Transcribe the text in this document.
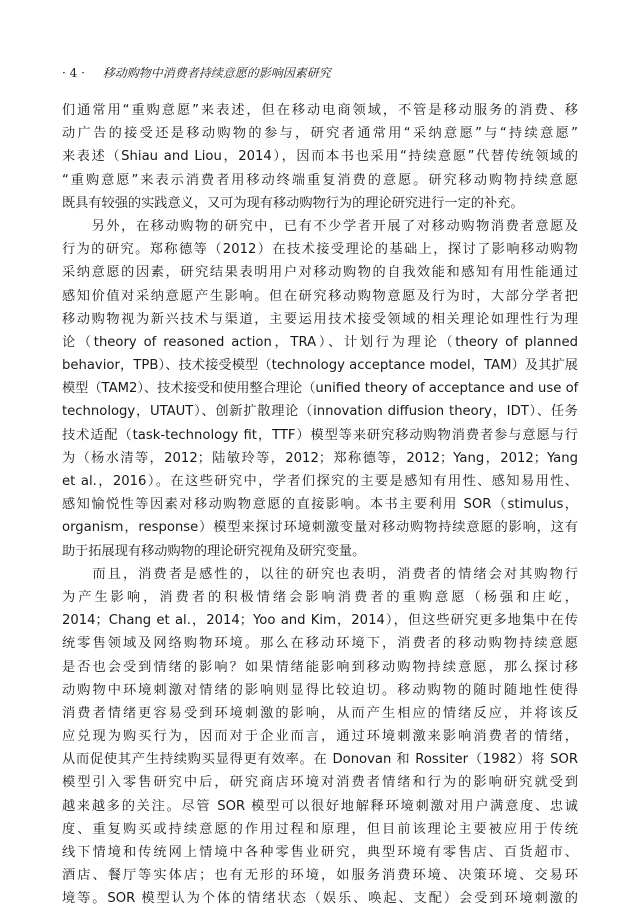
· 4 · 移动购物中消费者持续意愿的影响因素研究
们通常用“重购意愿”来表述，但在移动电商领域，不管是移动服务的消费、移
动广告的接受还是移动购物的参与，研究者通常用“采纳意愿”与“持续意愿”
来表述（Shiau and Liou，2014），因而本书也采用“持续意愿”代替传统领域的
“重购意愿”来表示消费者用移动终端重复消费的意愿。研究移动购物持续意愿
既具有较强的实践意义，又可为现有移动购物行为的理论研究进行一定的补充。
　　另外，在移动购物的研究中，已有不少学者开展了对移动购物消费者意愿及
行为的研究。郑称德等（2012）在技术接受理论的基础上，探讨了影响移动购物
采纳意愿的因素，研究结果表明用户对移动购物的自我效能和感知有用性能通过
感知价值对采纳意愿产生影响。但在研究移动购物意愿及行为时，大部分学者把
移动购物视为新兴技术与渠道，主要运用技术接受领域的相关理论如理性行为理
论（theory of reasoned action，TRA）、计划行为理论（theory of planned
behavior，TPB）、技术接受模型（technology acceptance model，TAM）及其扩展
模型（TAM2）、技术接受和使用整合理论（unified theory of acceptance and use of
technology，UTAUT）、创新扩散理论（innovation diffusion theory，IDT）、任务
技术适配（task-technology fit，TTF）模型等来研究移动购物消费者参与意愿与行
为（杨水清等，2012；陆敏玲等，2012；郑称德等，2012；Yang，2012；Yang
et al.，2016）。在这些研究中，学者们探究的主要是感知有用性、感知易用性、
感知愉悦性等因素对移动购物意愿的直接影响。本书主要利用 SOR（stimulus，
organism，response）模型来探讨环境刺激变量对移动购物持续意愿的影响，这有
助于拓展现有移动购物的理论研究视角及研究变量。
　　而且，消费者是感性的，以往的研究也表明，消费者的情绪会对其购物行
为产生影响，消费者的积极情绪会影响消费者的重购意愿（杨强和庄屹，
2014；Chang et al.，2014；Yoo and Kim，2014），但这些研究更多地集中在传
统零售领域及网络购物环境。那么在移动环境下，消费者的移动购物持续意愿
是否也会受到情绪的影响？如果情绪能影响到移动购物持续意愿，那么探讨移
动购物中环境刺激对情绪的影响则显得比较迫切。移动购物的随时随地性使得
消费者情绪更容易受到环境刺激的影响，从而产生相应的情绪反应，并将该反
应兑现为购买行为，因而对于企业而言，通过环境刺激来影响消费者的情绪，
从而促使其产生持续购买显得更有效率。在 Donovan 和 Rossiter（1982）将 SOR
模型引入零售研究中后，研究商店环境对消费者情绪和行为的影响研究就受到
越来越多的关注。尽管 SOR 模型可以很好地解释环境刺激对用户满意度、忠诚
度、重复购买或持续意愿的作用过程和原理，但目前该理论主要被应用于传统
线下情境和传统网上情境中各种零售业研究，典型环境有零售店、百货超市、
酒店、餐厅等实体店；也有无形的环境，如服务消费环境、决策环境、交易环
境等。SOR 模型认为个体的情绪状态（娱乐、唤起、支配）会受到环境刺激的
